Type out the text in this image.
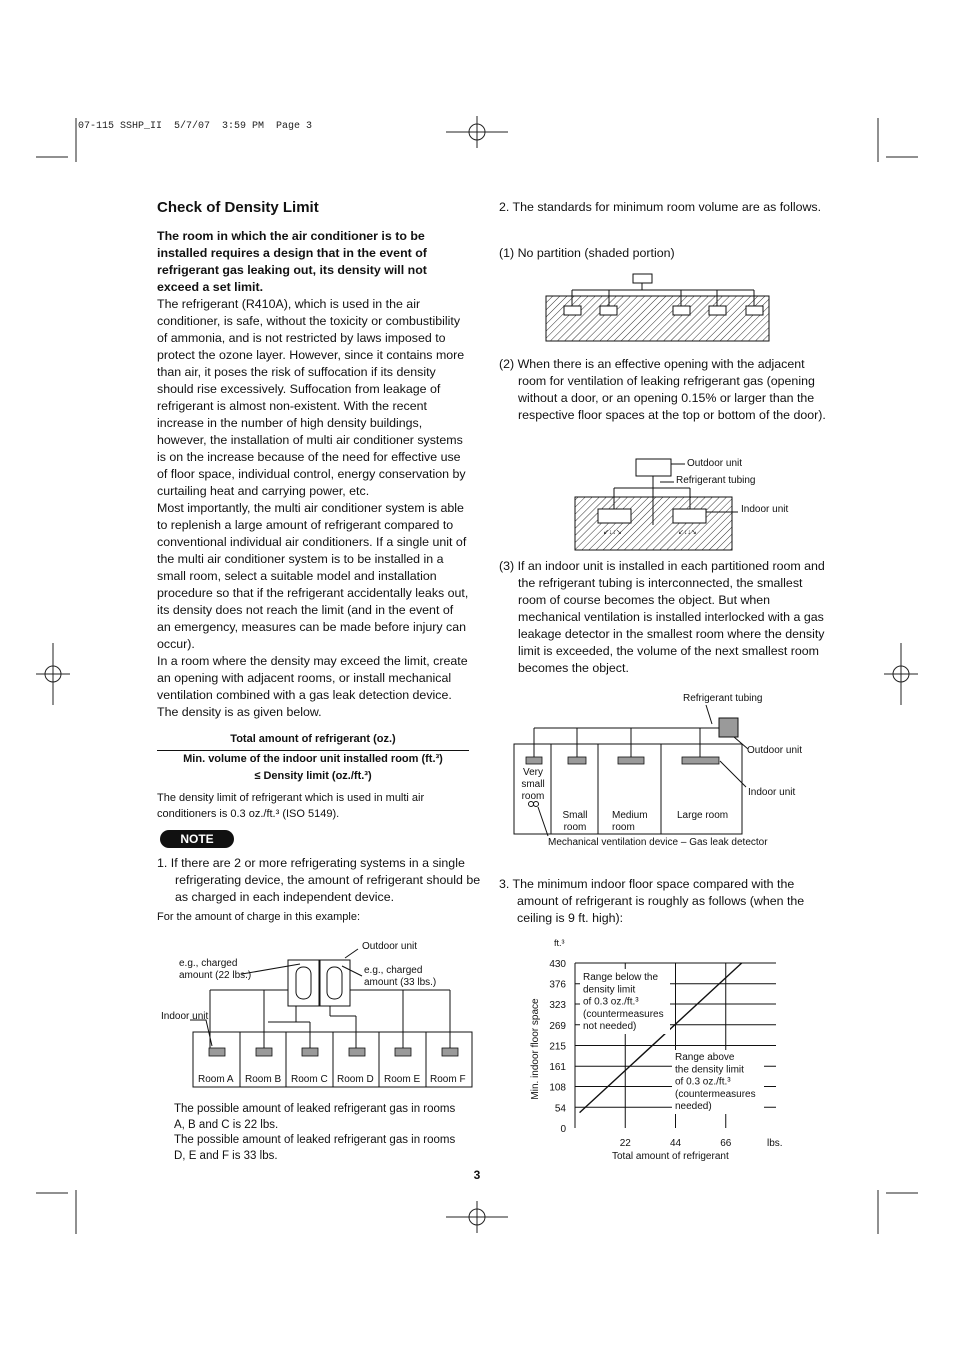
07-115 SSHP_II  5/7/07  3:59 PM  Page 3
Check of Density Limit
The room in which the air conditioner is to be installed requires a design that in the event of refrigerant gas leaking out, its density will not exceed a set limit.
The refrigerant (R410A), which is used in the air conditioner, is safe, without the toxicity or combustibility of ammonia, and is not restricted by laws imposed to protect the ozone layer. However, since it contains more than air, it poses the risk of suffocation if its density should rise excessively. Suffocation from leakage of refrigerant is almost non-existent. With the recent increase in the number of high density buildings, however, the installation of multi air conditioner systems is on the increase because of the need for effective use of floor space, individual control, energy conservation by curtailing heat and carrying power, etc.
Most importantly, the multi air conditioner system is able to replenish a large amount of refrigerant compared to conventional individual air conditioners. If a single unit of the multi air conditioner system is to be installed in a small room, select a suitable model and installation procedure so that if the refrigerant accidentally leaks out, its density does not reach the limit (and in the event of an emergency, measures can be made before injury can occur).
In a room where the density may exceed the limit, create an opening with adjacent rooms, or install mechanical ventilation combined with a gas leak detection device. The density is as given below.
Total amount of refrigerant (oz.)
Min. volume of the indoor unit installed room (ft.³)
≤ Density limit (oz./ft.³)
The density limit of refrigerant which is used in multi air conditioners is 0.3 oz./ft.³ (ISO 5149).
NOTE
1. If there are 2 or more refrigerating systems in a single refrigerating device, the amount of refrigerant should be as charged in each independent device.
For the amount of charge in this example:
Outdoor unit
e.g., charged amount (22 lbs.)	e.g., charged amount (33 lbs.)
Indoor unit
Room A Room B Room C Room D Room E Room F
The possible amount of leaked refrigerant gas in rooms A, B and C is 22 lbs.
The possible amount of leaked refrigerant gas in rooms D, E and F is 33 lbs.
2. The standards for minimum room volume are as follows.
(1) No partition (shaded portion)
(2) When there is an effective opening with the adjacent room for ventilation of leaking refrigerant gas (opening without a door, or an opening 0.15% or larger than the respective floor spaces at the top or bottom of the door).
↙↓↓↘	↙↓↓↘
Outdoor unit
Refrigerant tubing
Indoor unit
(3) If an indoor unit is installed in each partitioned room and the refrigerant tubing is interconnected, the smallest room of course becomes the object. But when mechanical ventilation is installed interlocked with a gas leakage detector in the smallest room where the density limit is exceeded, the volume of the next smallest room becomes the object.
Refrigerant tubing
Outdoor unit
Indoor unit
Very
small
room
Small
room
Medium
room
Large room
Mechanical ventilation device – Gas leak detector
3. The minimum indoor floor space compared with the amount of refrigerant is roughly as follows (when the ceiling is 9 ft. high):
0
54
108
161
215
269
323
376
430
22	44	66
Range below the
density limit
of 0.3 oz./ft.³
(countermeasures
not needed)
Range above
the density limit
of 0.3 oz./ft.³
(countermeasures
needed)
ft.³
lbs.
Total amount of refrigerant
Min. indoor floor space
3
